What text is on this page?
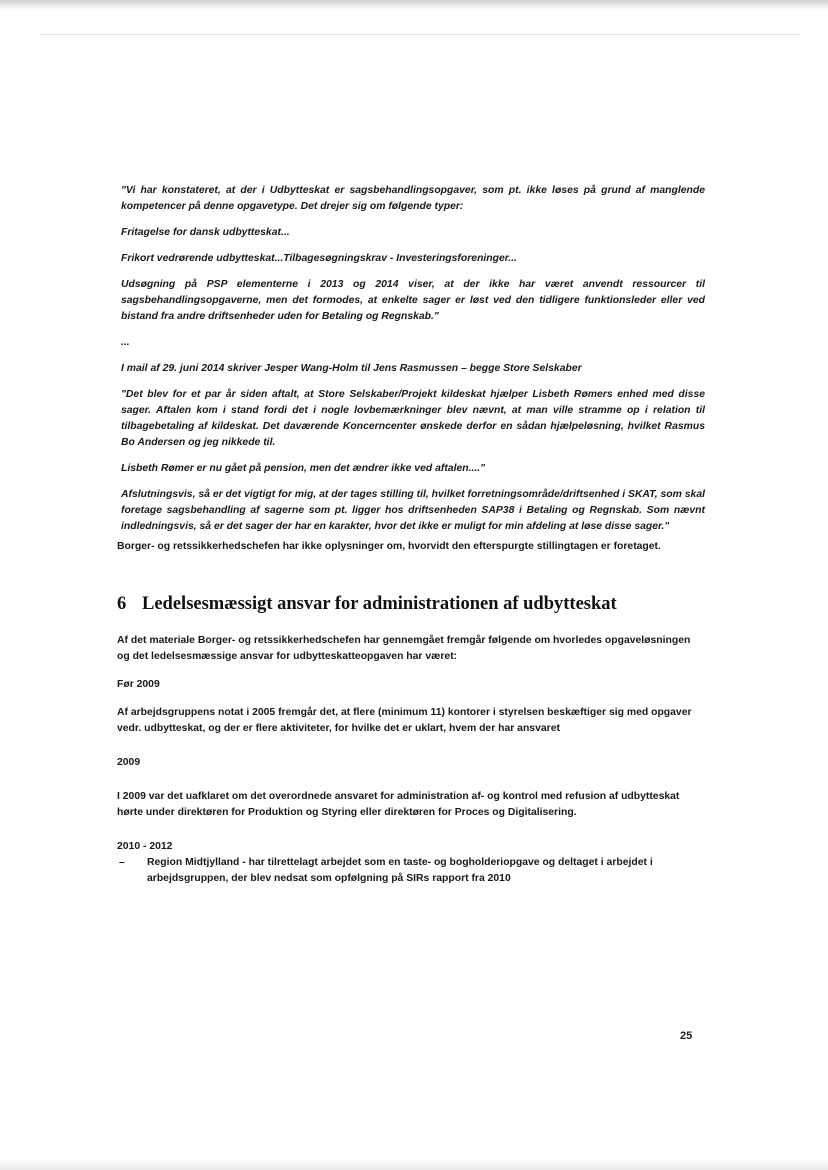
"Vi har konstateret, at der i Udbytteskat er sagsbehandlingsopgaver, som pt. ikke løses på grund af manglende kompetencer på denne opgavetype. Det drejer sig om følgende typer:

Fritagelse for dansk udbytteskat...

Frikort vedrørende udbytteskat...Tilbagesøgningskrav - Investeringsforeninger...

Udsøgning på PSP elementerne i 2013 og 2014 viser, at der ikke har været anvendt ressourcer til sagsbehandlingsopgaverne, men det formodes, at enkelte sager er løst ved den tidligere funktionsleder eller ved bistand fra andre driftsenheder uden for Betaling og Regnskab."

...

I mail af 29. juni 2014 skriver Jesper Wang-Holm til Jens Rasmussen – begge Store Selskaber

"Det blev for et par år siden aftalt, at Store Selskaber/Projekt kildeskat hjælper Lisbeth Rømers enhed med disse sager. Aftalen kom i stand fordi det i nogle lovbemærkninger blev nævnt, at man ville stramme op i relation til tilbagebetaling af kildeskat. Det daværende Koncerncenter ønskede derfor en sådan hjælpeløsning, hvilket Rasmus Bo Andersen og jeg nikkede til.

Lisbeth Rømer er nu gået på pension, men det ændrer ikke ved aftalen...."

Afslutningsvis, så er det vigtigt for mig, at der tages stilling til, hvilket forretningsområde/driftsenhed i SKAT, som skal foretage sagsbehandling af sagerne som pt. ligger hos driftsenheden SAP38 i Betaling og Regnskab. Som nævnt indledningsvis, så er det sager der har en karakter, hvor det ikke er muligt for min afdeling at løse disse sager."

Borger- og retssikkerhedschefen har ikke oplysninger om, hvorvidt den efterspurgte stillingtagen er foretaget.

6 Ledelsesmæssigt ansvar for administrationen af udbytteskat

Af det materiale Borger- og retssikkerhedschefen har gennemgået fremgår følgende om hvorledes opgaveløsningen og det ledelsesmæssige ansvar for udbytteskatteopgaven har været:

Før 2009

Af arbejdsgruppens notat i 2005 fremgår det, at flere (minimum 11) kontorer i styrelsen beskæftiger sig med opgaver vedr. udbytteskat, og der er flere aktiviteter, for hvilke det er uklart, hvem der har ansvaret

2009

I 2009 var det uafklaret om det overordnede ansvaret for administration af- og kontrol med refusion af udbytteskat hørte under direktøren for Produktion og Styring eller direktøren for Proces og Digitalisering.

2010 - 2012

– Region Midtjylland - har tilrettelagt arbejdet som en taste- og bogholderiopgave og deltaget i arbejdet i arbejdsgruppen, der blev nedsat som opfølgning på SIRs rapport fra 2010
25
